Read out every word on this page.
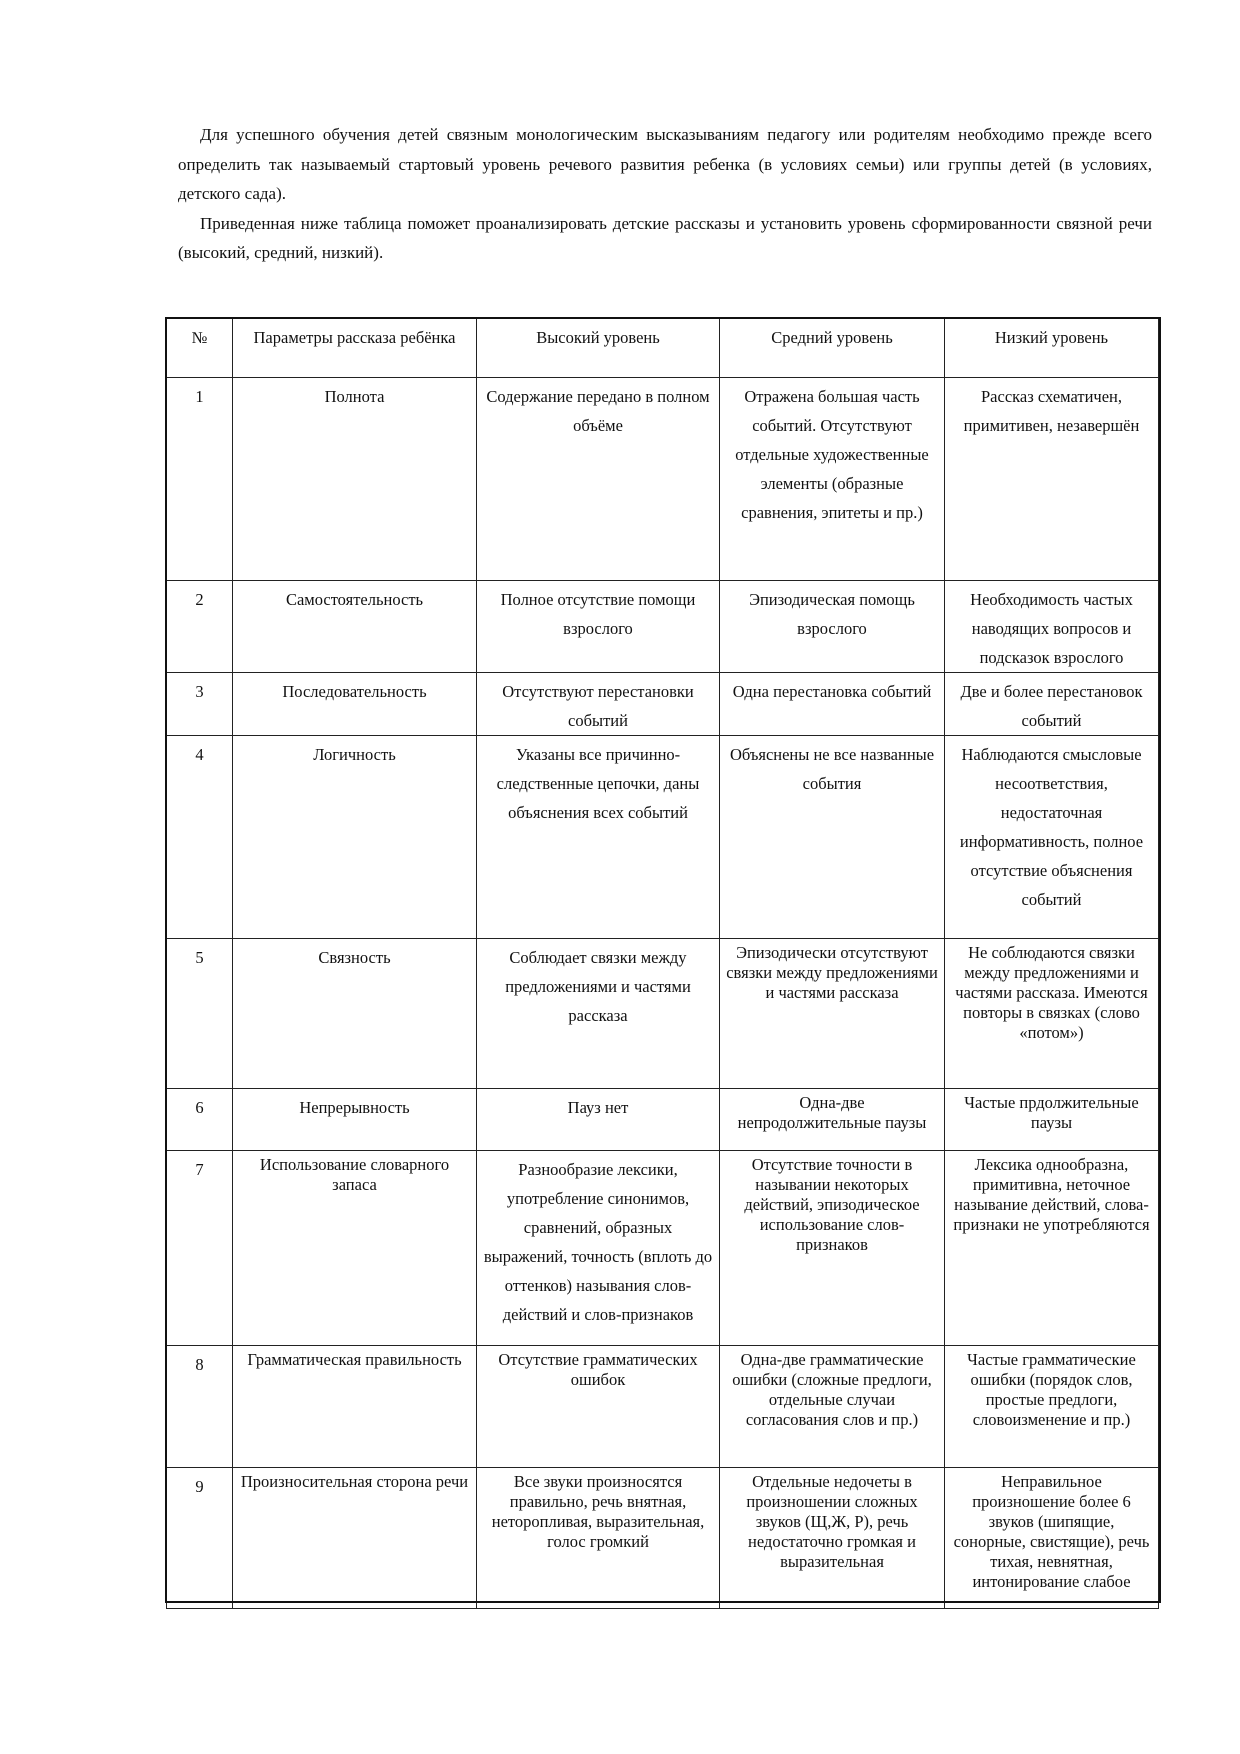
Для успешного обучения детей связным монологическим высказываниям педагогу или родителям необходимо прежде всего определить так называемый стартовый уровень речевого развития ребенка (в условиях семьи) или группы детей (в условиях, детского сада).

Приведенная ниже таблица поможет проанализировать детские рассказы и установить уровень сформированности связной речи (высокий, средний, низкий).

№	Параметры рассказа ребёнка	Высокий уровень	Средний уровень	Низкий уровень
1	Полнота	Содержание передано в полном объёме	Отражена большая часть событий. Отсутствуют отдельные художественные элементы (образные сравнения, эпитеты и пр.)	Рассказ схематичен, примитивен, незавершён
2	Самостоятельность	Полное отсутствие помощи взрослого	Эпизодическая помощь взрослого	Необходимость частых наводящих вопросов и подсказок взрослого
3	Последовательность	Отсутствуют перестановки событий	Одна перестановка событий	Две и более перестановок событий
4	Логичность	Указаны все причинно-следственные цепочки, даны объяснения всех событий	Объяснены не все названные события	Наблюдаются смысловые несоответствия, недостаточная информативность, полное отсутствие объяснения событий
5	Связность	Соблюдает связки между предложениями и частями рассказа	Эпизодически отсутствуют связки между предложениями и частями рассказа	Не соблюдаются связки между предложениями и частями рассказа. Имеются повторы в связках (слово «потом»)
6	Непрерывность	Пауз нет	Одна-две непродолжительные паузы	Частые прдолжительные паузы
7	Использование словарного запаса	Разнообразие лексики, употребление синонимов, сравнений, образных выражений, точность (вплоть до оттенков) называния слов-действий и слов-признаков	Отсутствие точности в назывании некоторых действий, эпизодическое использование слов-признаков	Лексика однообразна, примитивна, неточное называние действий, слова-признаки не употребляются
8	Грамматическая правильность	Отсутствие грамматических ошибок	Одна-две грамматические ошибки (сложные предлоги, отдельные случаи согласования слов и пр.)	Частые грамматические ошибки (порядок слов, простые предлоги, словоизменение и пр.)
9	Произносительная сторона речи	Все звуки произносятся правильно, речь внятная, неторопливая, выразительная, голос громкий	Отдельные недочеты в произношении сложных звуков (Щ,Ж, Р), речь недостаточно громкая и выразительная	Неправильное произношение более 6 звуков (шипящие, сонорные, свистящие), речь тихая, невнятная, интонирование слабое
